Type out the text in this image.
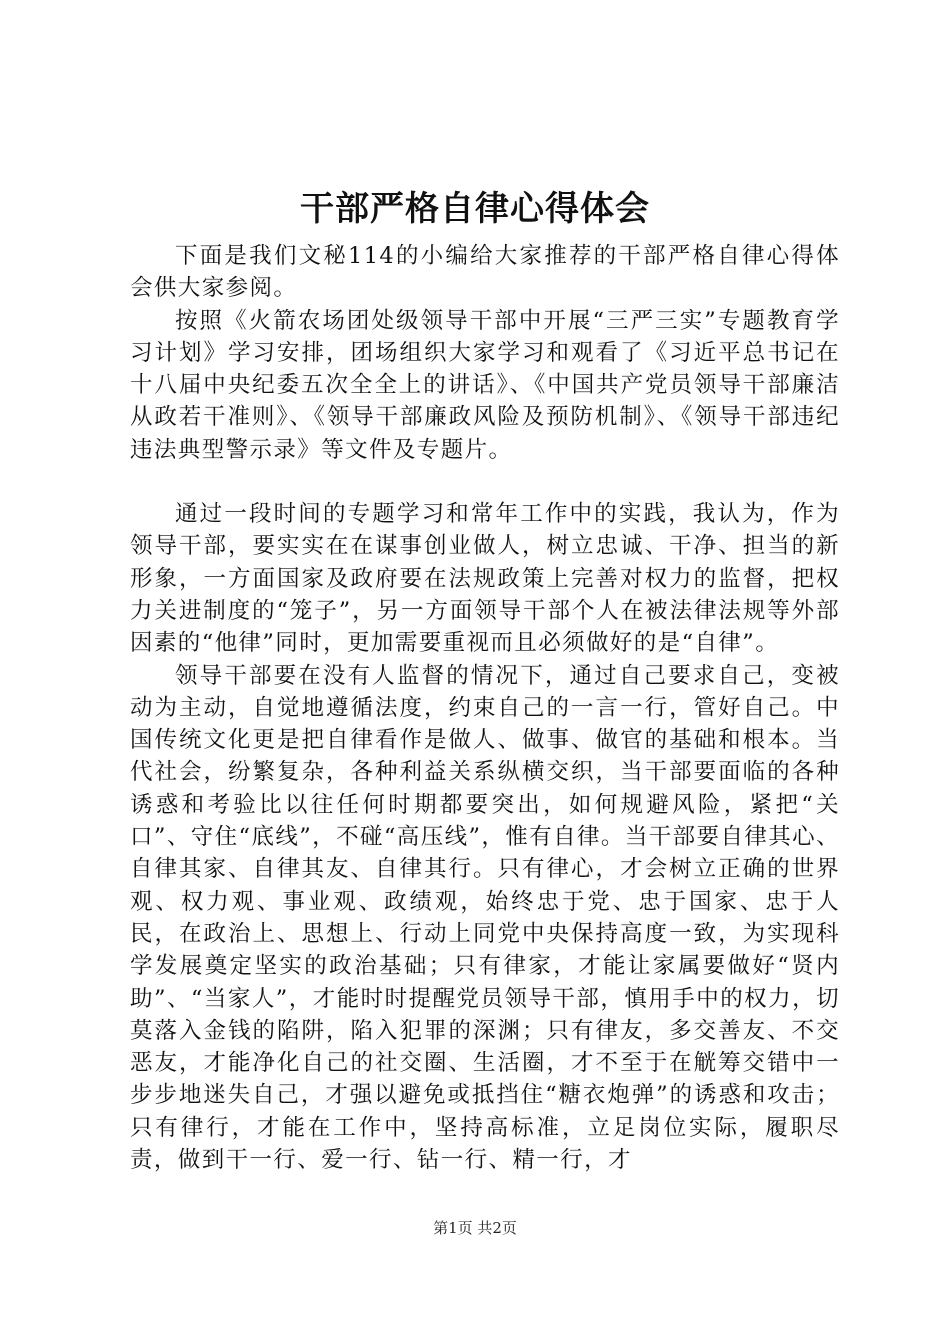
干部严格自律心得体会

下面是我们文秘114的小编给大家推荐的干部严格自律心得体会供大家参阅。

按照《火箭农场团处级领导干部中开展“三严三实”专题教育学习计划》学习安排，团场组织大家学习和观看了《习近平总书记在十八届中央纪委五次全全上的讲话》、《中国共产党员领导干部廉洁从政若干准则》、《领导干部廉政风险及预防机制》、《领导干部违纪违法典型警示录》等文件及专题片。

通过一段时间的专题学习和常年工作中的实践，我认为，作为领导干部，要实实在在谋事创业做人，树立忠诚、干净、担当的新形象，一方面国家及政府要在法规政策上完善对权力的监督，把权力关进制度的“笼子”，另一方面领导干部个人在被法律法规等外部因素的“他律”同时，更加需要重视而且必须做好的是“自律”。

领导干部要在没有人监督的情况下，通过自己要求自己，变被动为主动，自觉地遵循法度，约束自己的一言一行，管好自己。中国传统文化更是把自律看作是做人、做事、做官的基础和根本。当代社会，纷繁复杂，各种利益关系纵横交织，当干部要面临的各种诱惑和考验比以往任何时期都要突出，如何规避风险，紧把“关口”、守住“底线”，不碰“高压线”，惟有自律。当干部要自律其心、自律其家、自律其友、自律其行。只有律心，才会树立正确的世界观、权力观、事业观、政绩观，始终忠于党、忠于国家、忠于人民，在政治上、思想上、行动上同党中央保持高度一致，为实现科学发展奠定坚实的政治基础；只有律家，才能让家属要做好“贤内助”、“当家人”，才能时时提醒党员领导干部，慎用手中的权力，切莫落入金钱的陷阱，陷入犯罪的深渊；只有律友，多交善友、不交恶友，才能净化自己的社交圈、生活圈，才不至于在觥筹交错中一步步地迷失自己，才强以避免或抵挡住“糖衣炮弹”的诱惑和攻击；只有律行，才能在工作中，坚持高标准，立足岗位实际，履职尽责，做到干一行、爱一行、钻一行、精一行，才

第1页 共2页
